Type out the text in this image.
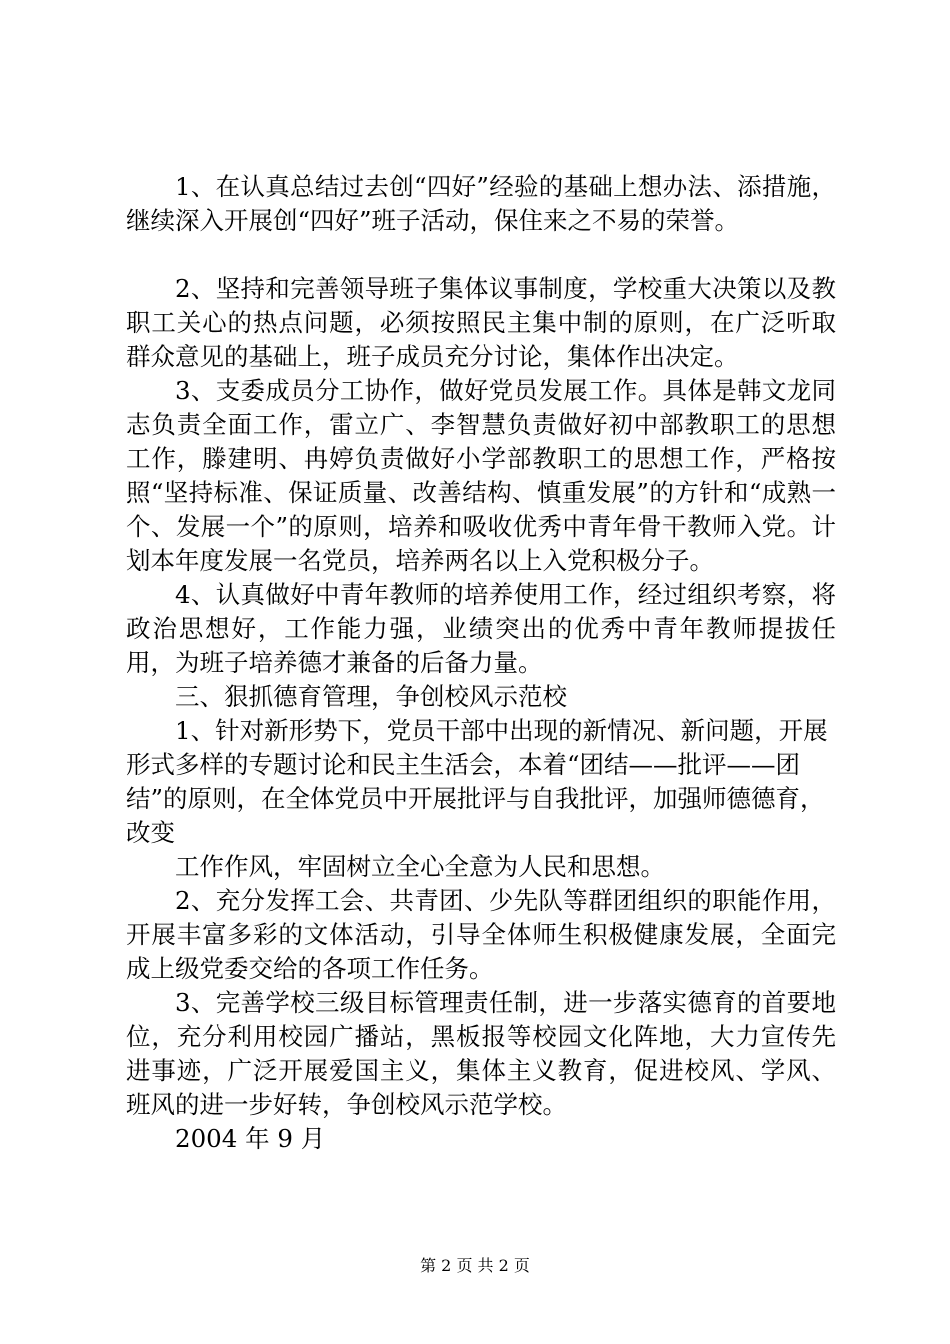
1、在认真总结过去创“四好”经验的基础上想办法、添措施，继续深入开展创“四好”班子活动，保住来之不易的荣誉。

2、坚持和完善领导班子集体议事制度，学校重大决策以及教职工关心的热点问题，必须按照民主集中制的原则，在广泛听取群众意见的基础上，班子成员充分讨论，集体作出决定。

3、支委成员分工协作，做好党员发展工作。具体是韩文龙同志负责全面工作，雷立广、李智慧负责做好初中部教职工的思想工作，滕建明、冉婷负责做好小学部教职工的思想工作，严格按照“坚持标准、保证质量、改善结构、慎重发展”的方针和“成熟一个、发展一个”的原则，培养和吸收优秀中青年骨干教师入党。计划本年度发展一名党员，培养两名以上入党积极分子。

4、认真做好中青年教师的培养使用工作，经过组织考察，将政治思想好，工作能力强，业绩突出的优秀中青年教师提拔任用，为班子培养德才兼备的后备力量。

三、狠抓德育管理，争创校风示范校

1、针对新形势下，党员干部中出现的新情况、新问题，开展形式多样的专题讨论和民主生活会，本着“团结——批评——团结”的原则，在全体党员中开展批评与自我批评，加强师德德育，改变

工作作风，牢固树立全心全意为人民和思想。

2、充分发挥工会、共青团、少先队等群团组织的职能作用，开展丰富多彩的文体活动，引导全体师生积极健康发展，全面完成上级党委交给的各项工作任务。

3、完善学校三级目标管理责任制，进一步落实德育的首要地位，充分利用校园广播站，黑板报等校园文化阵地，大力宣传先进事迹，广泛开展爱国主义，集体主义教育，促进校风、学风、班风的进一步好转，争创校风示范学校。

2004 年 9 月

第 2 页 共 2 页
